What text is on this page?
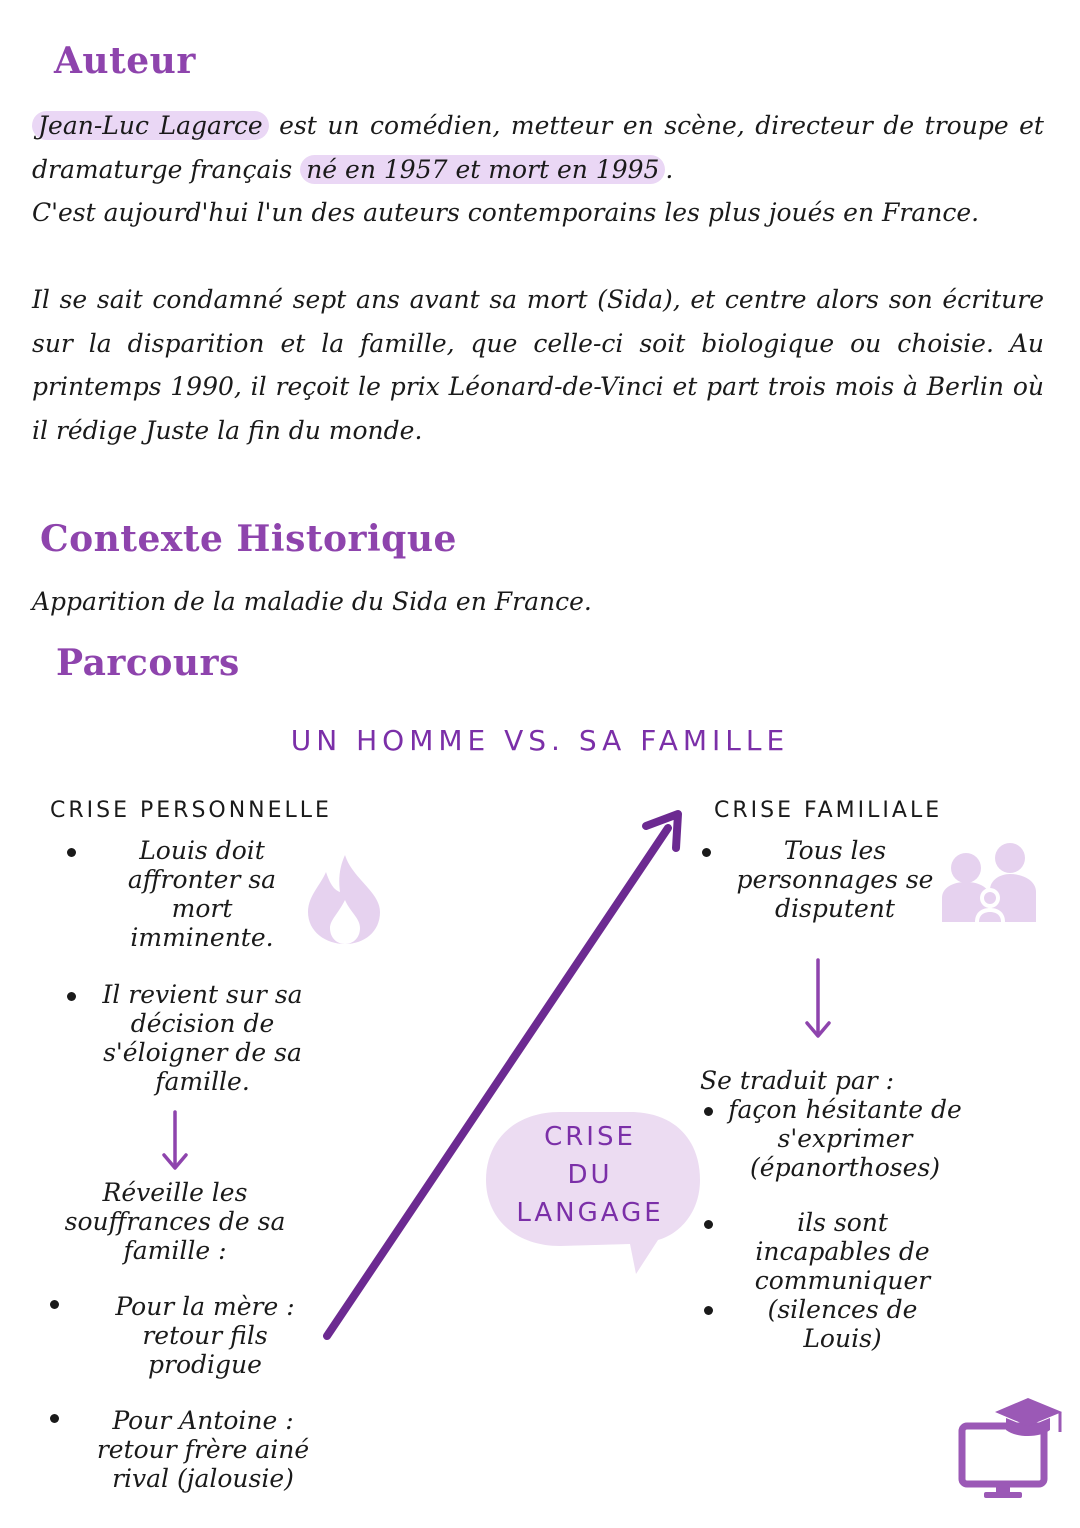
Auteur

Jean-Luc Lagarce est un comédien, metteur en scène, directeur de troupe et dramaturge français né en 1957 et mort en 1995 .

C'est aujourd'hui l'un des auteurs contemporains les plus joués en France.

Il se sait condamné sept ans avant sa mort (Sida), et centre alors son écriture sur la disparition et la famille, que celle-ci soit biologique ou choisie. Au printemps 1990, il reçoit le prix Léonard-de-Vinci et part trois mois à Berlin où il rédige Juste la fin du monde.

Contexte Historique

Apparition de la maladie du Sida en France.

Parcours
UN HOMME VS. SA FAMILLE
CRISE PERSONNELLE

Louis doit affronter sa mort imminente.

Il revient sur sa décision de s'éloigner de sa famille.

Réveille les souffrances de sa famille :

Pour la mère : retour fils prodigue

Pour Antoine : retour frère ainé rival (jalousie)

CRISE
DU
LANGAGE
CRISE FAMILIALE

Tous les personnages se disputent

Se traduit par :

façon hésitante de s'exprimer (épanorthoses)

ils sont incapables de communiquer (silences de Louis)
